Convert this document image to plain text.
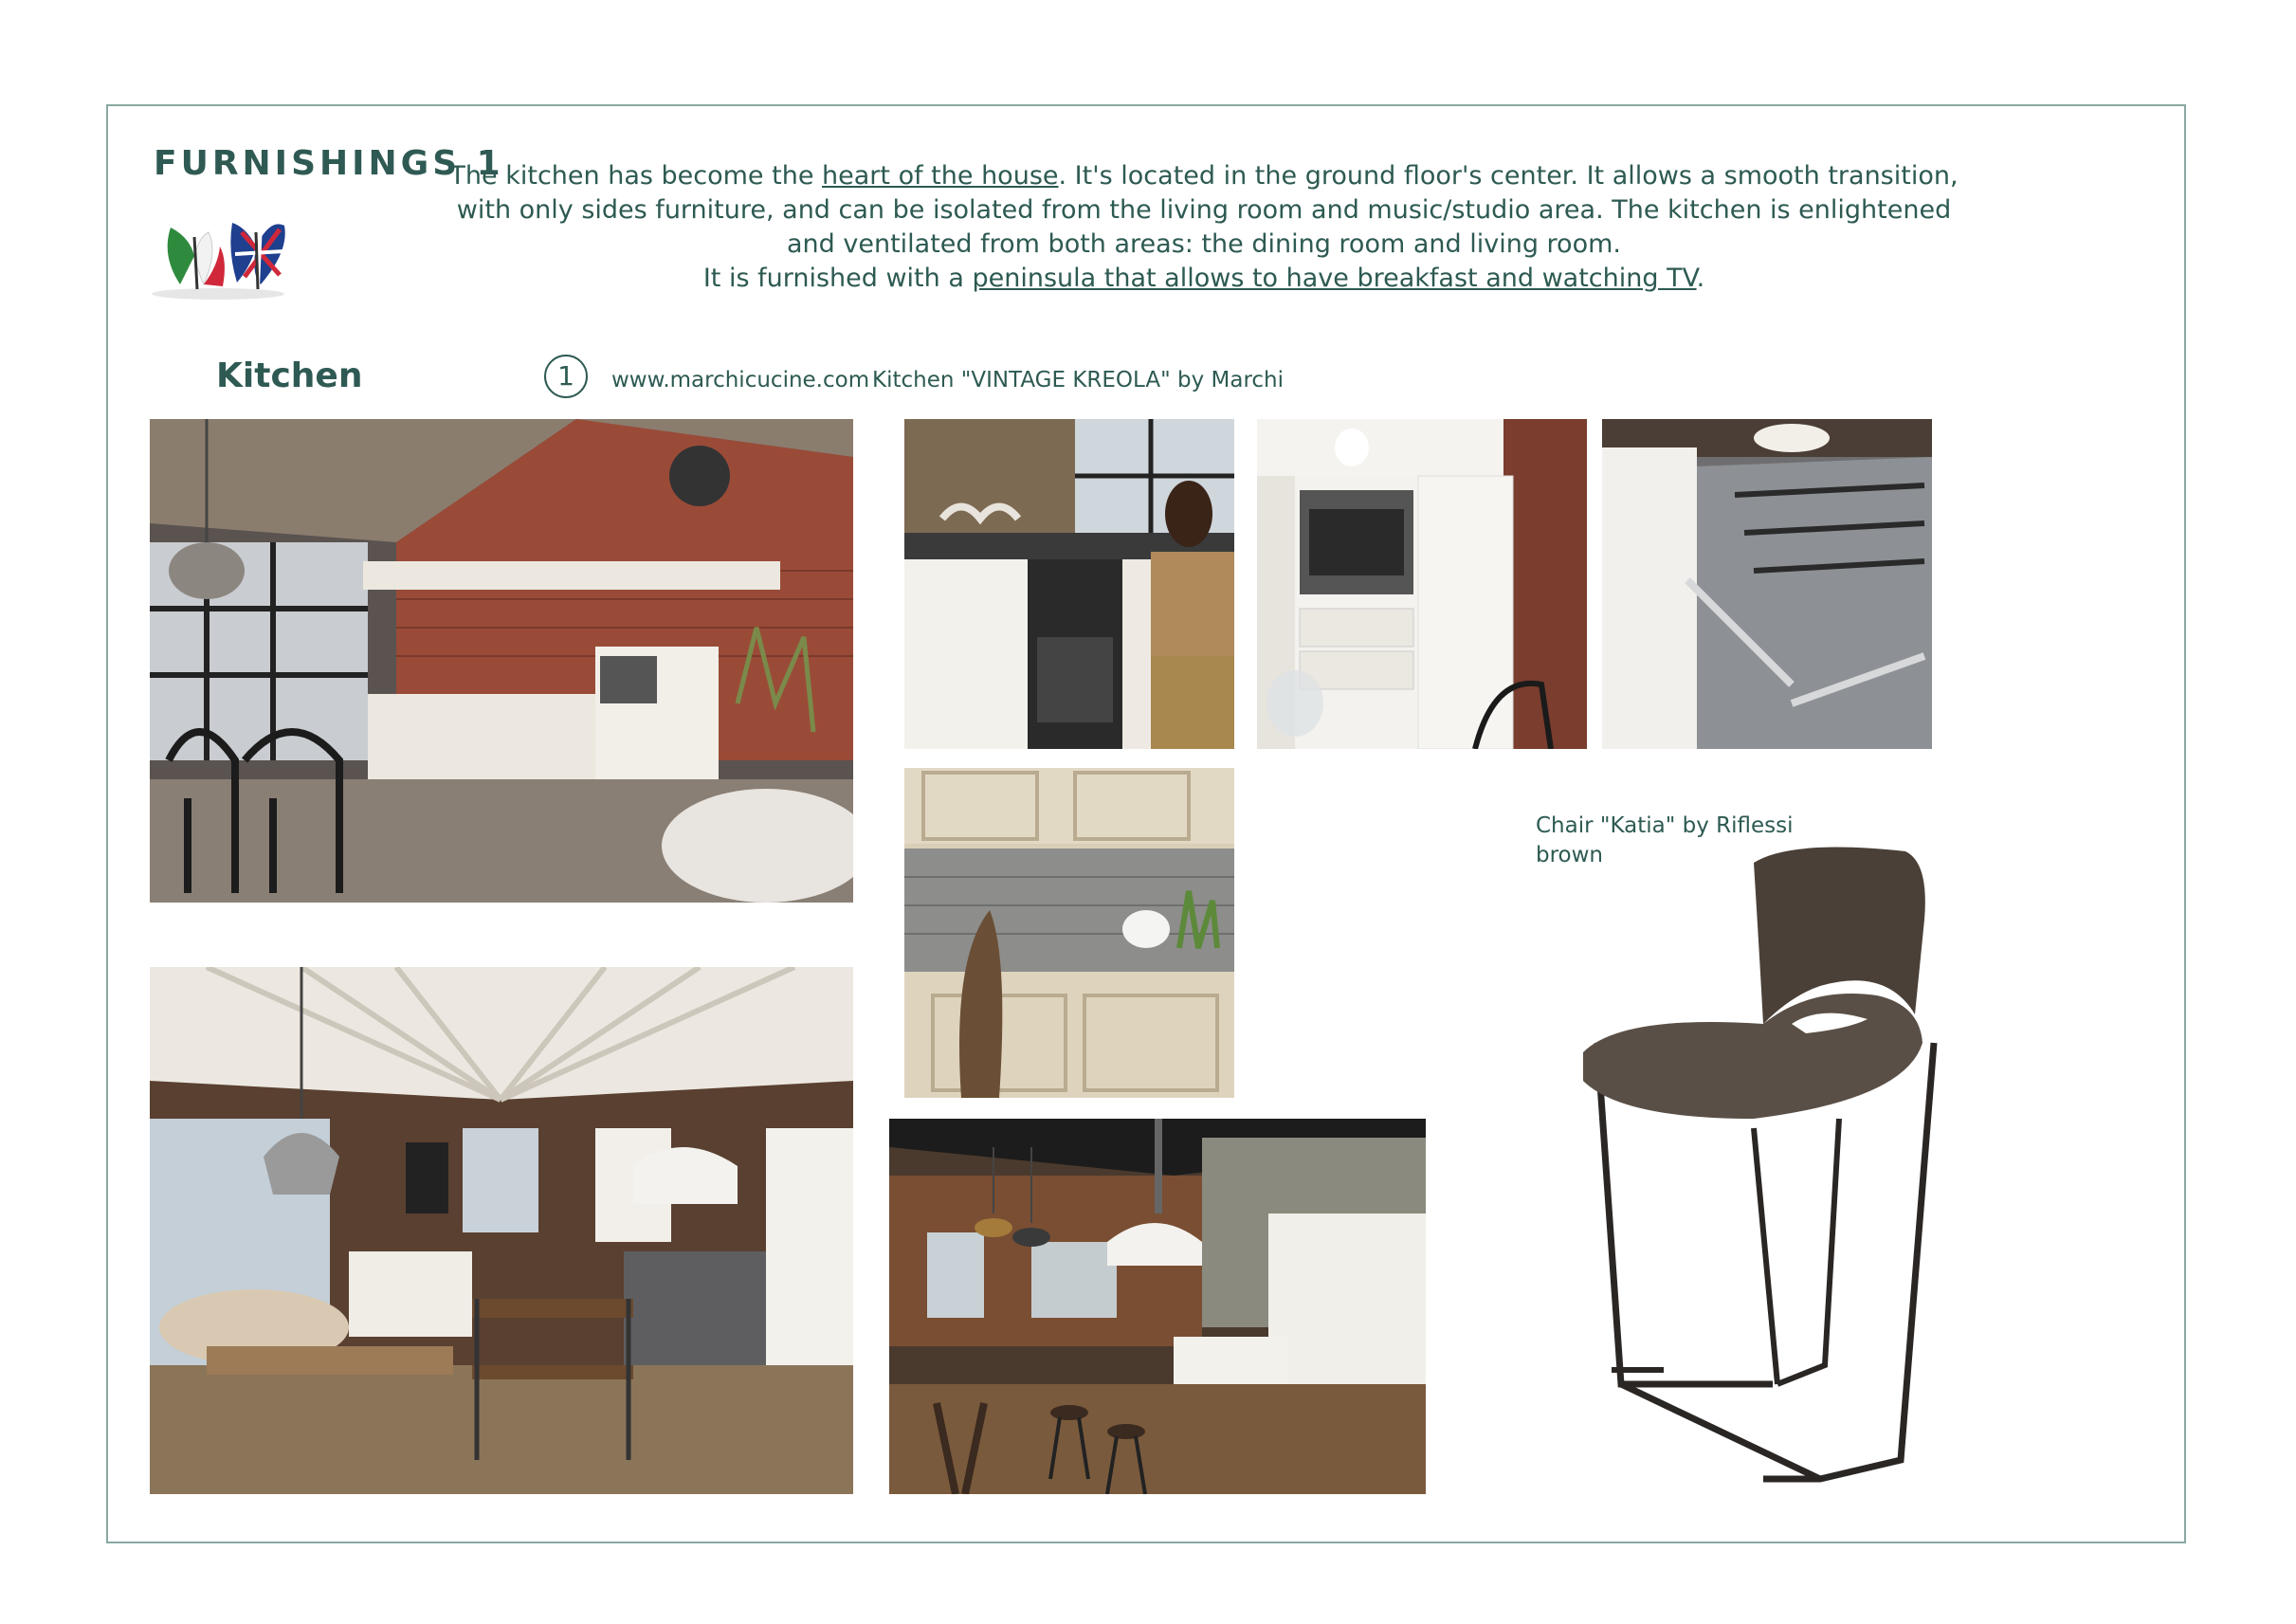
FURNISHINGS 1
The kitchen has become the heart of the house. It's located in the ground floor's center. It allows a smooth transition,
with only sides furniture, and can be isolated from the living room and music/studio area. The kitchen is enlightened
and ventilated from both areas: the dining room and living room.
It is furnished with a peninsula that allows to have breakfast and watching TV.
Kitchen	1	www.marchicucine.com Kitchen "VINTAGE KREOLA" by Marchi
Chair "Katia" by Riflessi
brown
